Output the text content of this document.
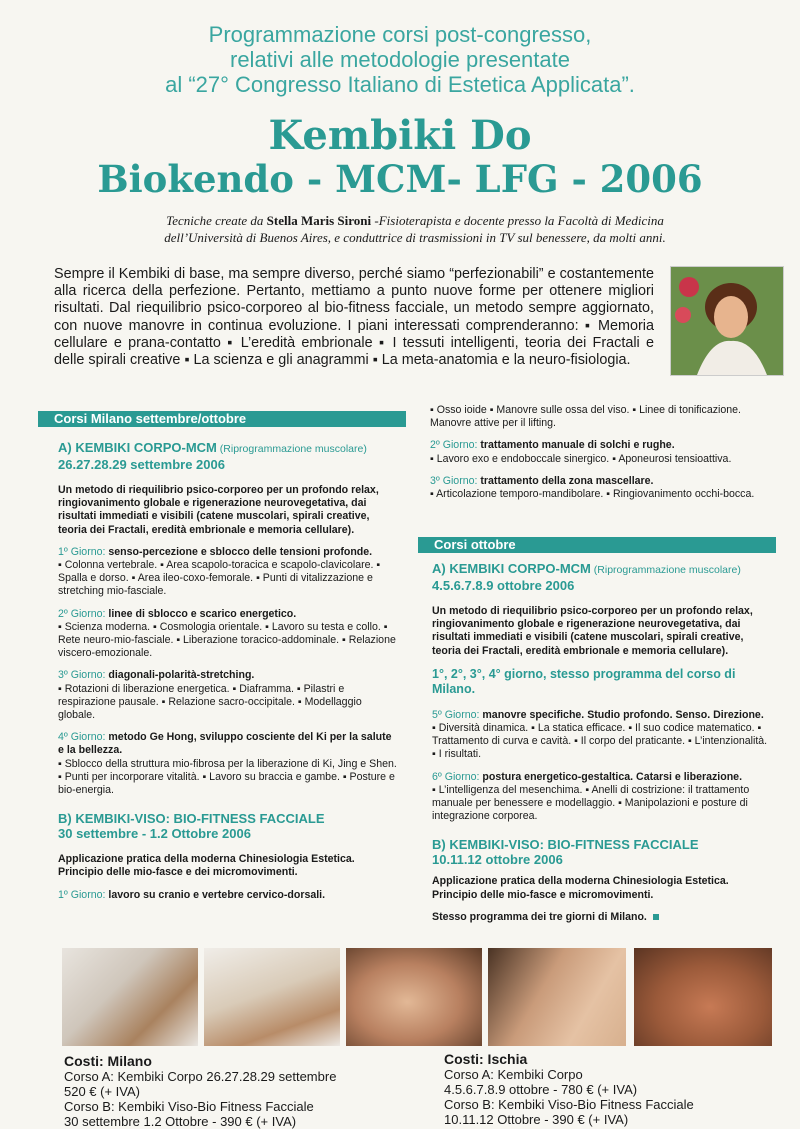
Programmazione corsi post-congresso,
relativi alle metodologie presentate
al “27° Congresso Italiano di Estetica Applicata”.
Kembiki Do
Biokendo - MCM- LFG - 2006
Tecniche create da Stella Maris Sironi -Fisioterapista e docente presso la Facoltà di Medicina
dell’Università di Buenos Aires, e conduttrice di trasmissioni in TV sul benessere, da molti anni.
Sempre il Kembiki di base, ma sempre diverso, perché siamo “perfezionabili” e costantemente alla ricerca della perfezione. Pertanto, mettiamo a punto nuove forme per ottenere migliori risultati. Dal riequilibrio psico-corporeo al bio-fitness facciale, un metodo sempre aggiornato, con nuove manovre in continua evoluzione. I piani interessati comprenderanno: ▪ Memoria cellulare e prana-contatto ▪ L’eredità embrionale ▪ I tessuti intelligenti, teoria dei Fractali e delle spirali creative ▪ La scienza e gli anagrammi ▪ La meta-anatomia e la neuro-fisiologia.
Corsi Milano settembre/ottobre
A) KEMBIKI CORPO-MCM (Riprogrammazione muscolare)
26.27.28.29 settembre 2006

Un metodo di riequilibrio psico-corporeo per un profondo relax, ringiovanimento globale e rigenerazione neurovegetativa, dai risultati immediati e visibili (catene muscolari, spirali creative, teoria dei Fractali, eredità embrionale e memoria cellulare).

1º Giorno: senso-percezione e sblocco delle tensioni profonde.
▪ Colonna vertebrale. ▪ Area scapolo-toracica e scapolo-clavicolare. ▪ Spalla e dorso. ▪ Area ileo-coxo-femorale. ▪ Punti di vitalizzazione e stretching mio-fasciale.

2º Giorno: linee di sblocco e scarico energetico.
▪ Scienza moderna. ▪ Cosmologia orientale. ▪ Lavoro su testa e collo. ▪ Rete neuro-mio-fasciale. ▪ Liberazione toracico-addominale. ▪ Relazione viscero-emozionale.

3º Giorno: diagonali-polarità-stretching.
▪ Rotazioni di liberazione energetica. ▪ Diaframma. ▪ Pilastri e respirazione pausale. ▪ Relazione sacro-occipitale. ▪ Modellaggio globale.

4º Giorno: metodo Ge Hong, sviluppo cosciente del Ki per la salute e la bellezza.
▪ Sblocco della struttura mio-fibrosa per la liberazione di Ki, Jing e Shen. ▪ Punti per incorporare vitalità. ▪ Lavoro su braccia e gambe. ▪ Posture e bio-energia.

B) KEMBIKI-VISO: BIO-FITNESS FACCIALE
30 settembre - 1.2 Ottobre 2006

Applicazione pratica della moderna Chinesiologia Estetica. Principio delle mio-fasce e dei micromovimenti.

1º Giorno: lavoro su cranio e vertebre cervico-dorsali.

▪ Osso ioide ▪ Manovre sulle ossa del viso. ▪ Linee di tonificazione. Manovre attive per il lifting.

2º Giorno: trattamento manuale di solchi e rughe.
▪ Lavoro exo e endoboccale sinergico. ▪ Aponeurosi tensioattiva.

3º Giorno: trattamento della zona mascellare.
▪ Articolazione temporo-mandibolare. ▪ Ringiovanimento occhi-bocca.

Corsi ottobre
A) KEMBIKI CORPO-MCM (Riprogrammazione muscolare)
4.5.6.7.8.9 ottobre 2006

Un metodo di riequilibrio psico-corporeo per un profondo relax, ringiovanimento globale e rigenerazione neurovegetativa, dai risultati immediati e visibili (catene muscolari, spirali creative, teoria dei Fractali, eredità embrionale e memoria cellulare).

1°, 2°, 3°, 4° giorno, stesso programma del corso di Milano.

5º Giorno: manovre specifiche. Studio profondo. Senso. Direzione.
▪ Diversità dinamica. ▪ La statica efficace. ▪ Il suo codice matematico. ▪ Trattamento di curva e cavità. ▪ Il corpo del praticante. ▪ L’intenzionalità. ▪ I risultati.

6º Giorno: postura energetico-gestaltica. Catarsi e liberazione.
▪ L’intelligenza del mesenchima. ▪ Anelli di costrizione: il trattamento manuale per benessere e modellaggio. ▪ Manipolazioni e posture di integrazione corporea.

B) KEMBIKI-VISO: BIO-FITNESS FACCIALE
10.11.12 ottobre 2006

Applicazione pratica della moderna Chinesiologia Estetica. Principio delle mio-fasce e micromovimenti.

Stesso programma dei tre giorni di Milano.

Costi: Milano
Corso A: Kembiki Corpo 26.27.28.29 settembre
520 € (+ IVA)
Corso B: Kembiki Viso-Bio Fitness Facciale
30 settembre 1.2 Ottobre - 390 € (+ IVA)
Costi: Ischia
Corso A: Kembiki Corpo
4.5.6.7.8.9 ottobre - 780 € (+ IVA)
Corso B: Kembiki Viso-Bio Fitness Facciale
10.11.12 Ottobre - 390 € (+ IVA)
